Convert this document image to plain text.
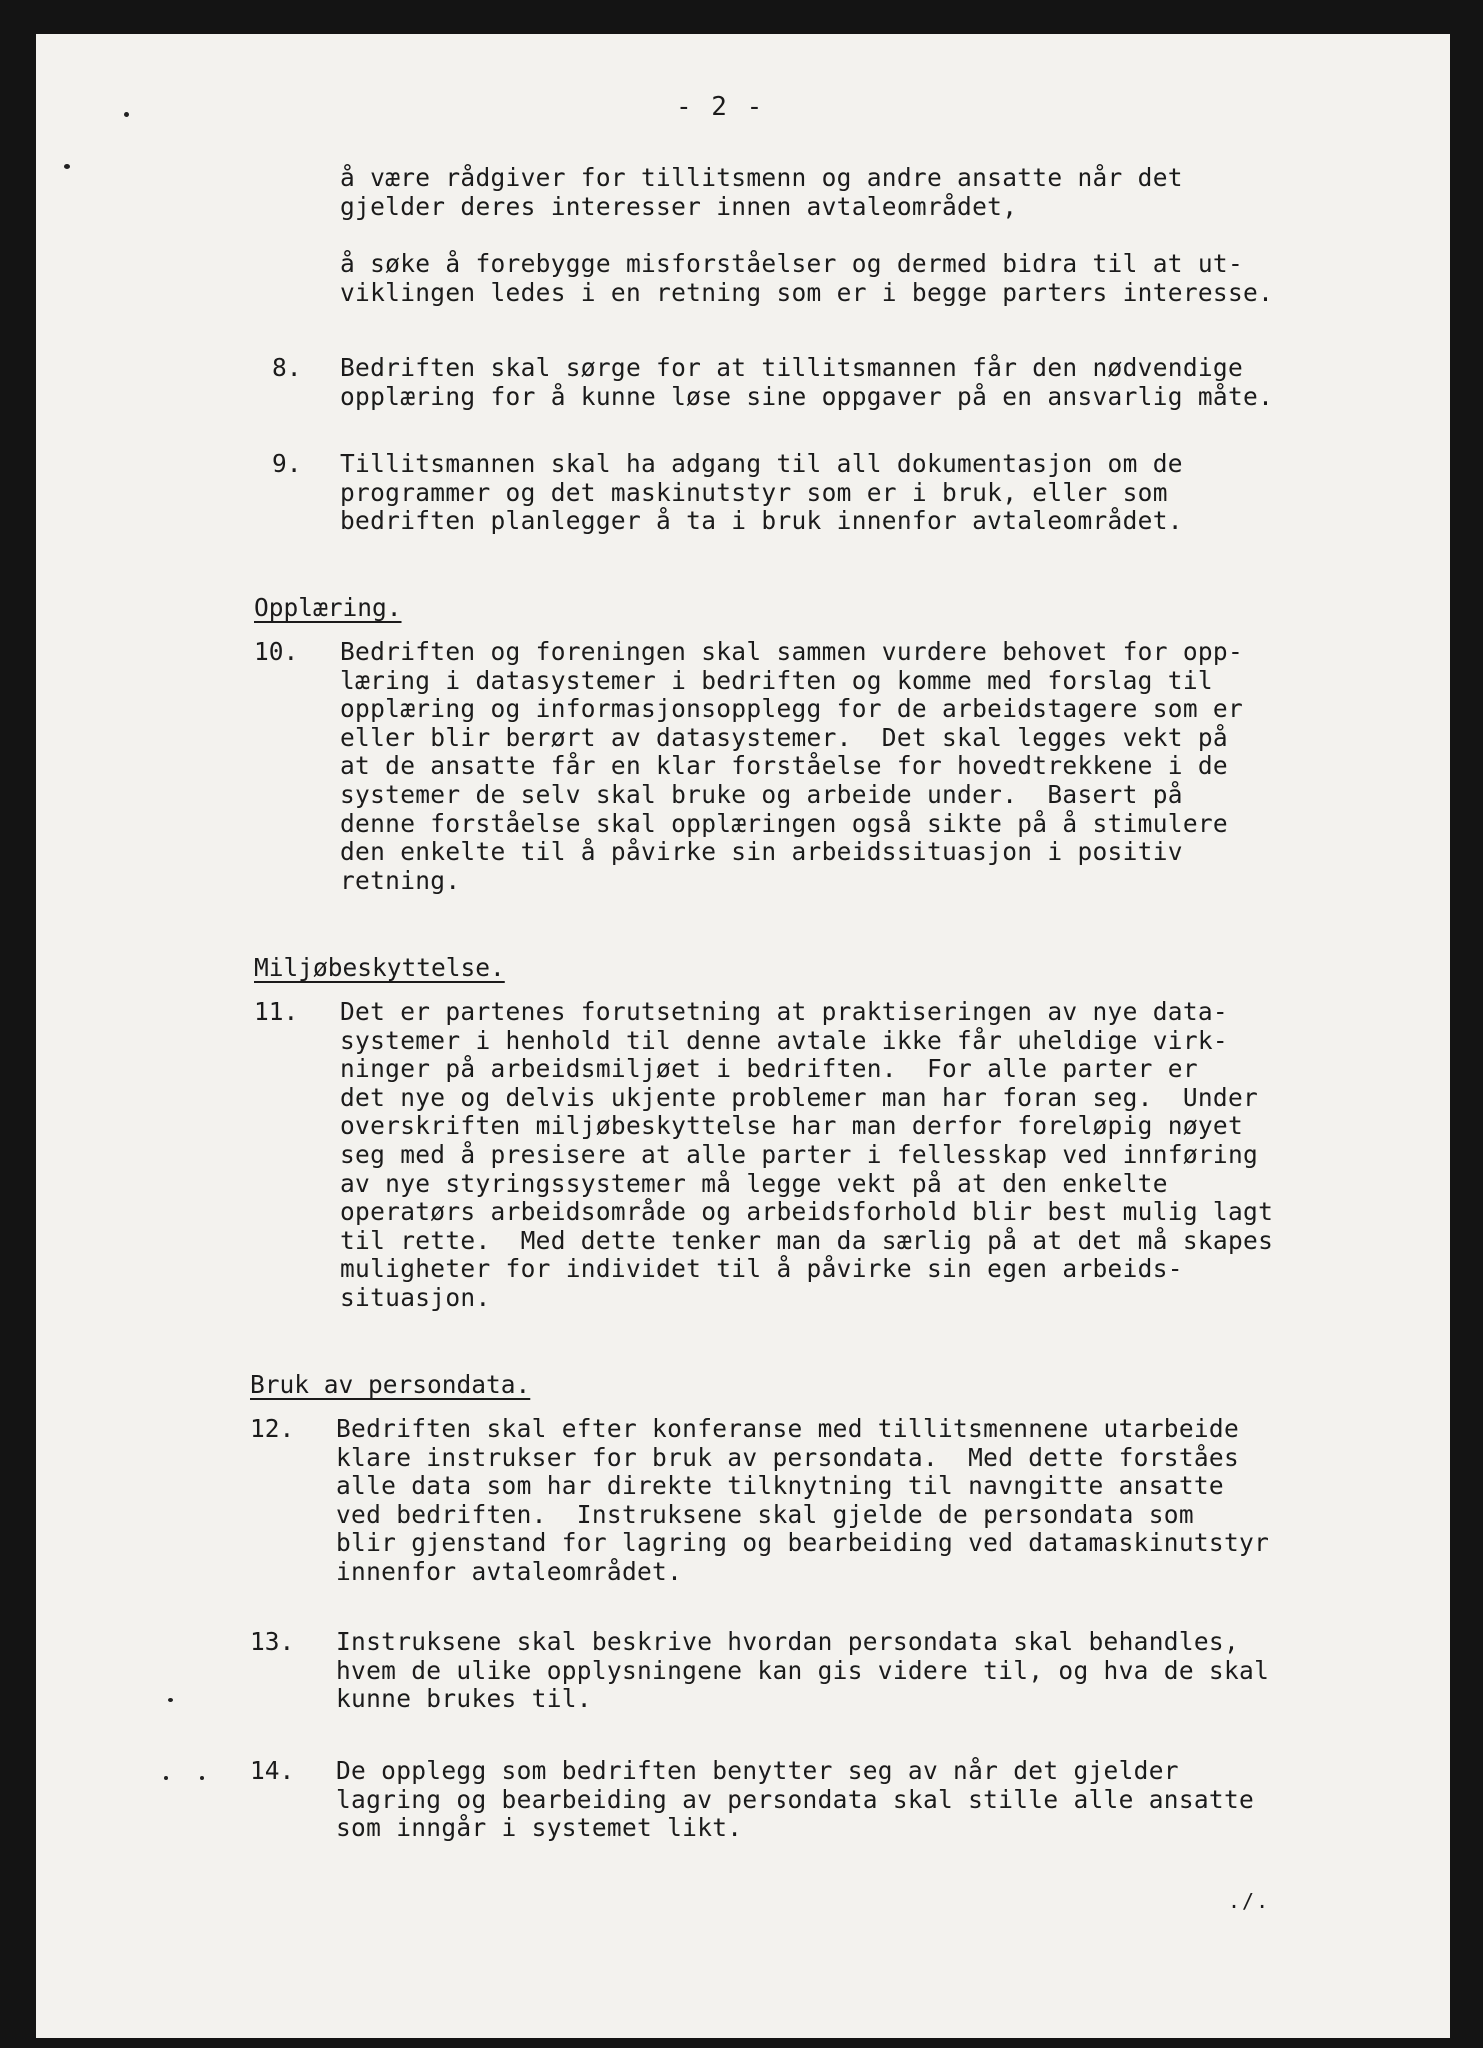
- 2 -
å være rådgiver for tillitsmenn og andre ansatte når det
gjelder deres interesser innen avtaleområdet,
å søke å forebygge misforståelser og dermed bidra til at ut-
viklingen ledes i en retning som er i begge parters interesse.
8. Bedriften skal sørge for at tillitsmannen får den nødvendige
opplæring for å kunne løse sine oppgaver på en ansvarlig måte.
9. Tillitsmannen skal ha adgang til all dokumentasjon om de
programmer og det maskinutstyr som er i bruk, eller som
bedriften planlegger å ta i bruk innenfor avtaleområdet.
Opplæring.
10. Bedriften og foreningen skal sammen vurdere behovet for opp-
læring i datasystemer i bedriften og komme med forslag til
opplæring og informasjonsopplegg for de arbeidstagere som er
eller blir berørt av datasystemer.  Det skal legges vekt på
at de ansatte får en klar forståelse for hovedtrekkene i de
systemer de selv skal bruke og arbeide under.  Basert på
denne forståelse skal opplæringen også sikte på å stimulere
den enkelte til å påvirke sin arbeidssituasjon i positiv
retning.
Miljøbeskyttelse.
11. Det er partenes forutsetning at praktiseringen av nye data-
systemer i henhold til denne avtale ikke får uheldige virk-
ninger på arbeidsmiljøet i bedriften.  For alle parter er
det nye og delvis ukjente problemer man har foran seg.  Under
overskriften miljøbeskyttelse har man derfor foreløpig nøyet
seg med å presisere at alle parter i fellesskap ved innføring
av nye styringssystemer må legge vekt på at den enkelte
operatørs arbeidsområde og arbeidsforhold blir best mulig lagt
til rette.  Med dette tenker man da særlig på at det må skapes
muligheter for individet til å påvirke sin egen arbeids-
situasjon.
Bruk av persondata.
12. Bedriften skal efter konferanse med tillitsmennene utarbeide
klare instrukser for bruk av persondata.  Med dette forståes
alle data som har direkte tilknytning til navngitte ansatte
ved bedriften.  Instruksene skal gjelde de persondata som
blir gjenstand for lagring og bearbeiding ved datamaskinutstyr
innenfor avtaleområdet.
13. Instruksene skal beskrive hvordan persondata skal behandles,
hvem de ulike opplysningene kan gis videre til, og hva de skal
kunne brukes til.
14. De opplegg som bedriften benytter seg av når det gjelder
lagring og bearbeiding av persondata skal stille alle ansatte
som inngår i systemet likt.
./.
